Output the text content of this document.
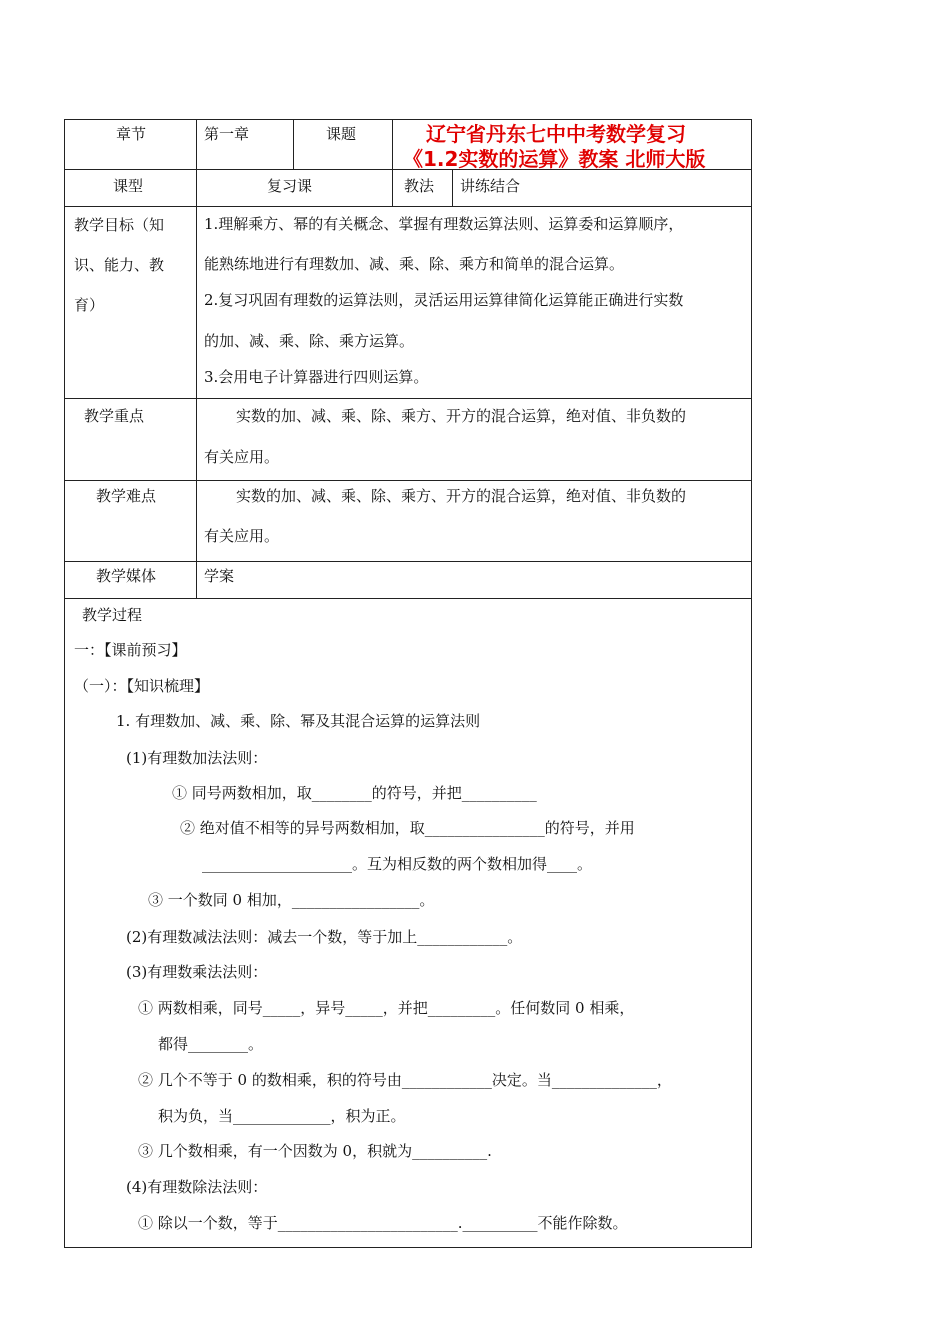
章节	第一章	课题	辽宁省丹东七中中考数学复习
《1.2实数的运算》教案 北师大版
课型	复习课	教法 讲练结合
教学目标（知
识、能力、教
育）
1.理解乘方、幂的有关概念、掌握有理数运算法则、运算委和运算顺序，
能熟练地进行有理数加、减、乘、除、乘方和简单的混合运算。
2.复习巩固有理数的运算法则，灵活运用运算律简化运算能正确进行实数
的加、减、乘、除、乘方运算。
3.会用电子计算器进行四则运算。
教学重点	实数的加、减、乘、除、乘方、开方的混合运算，绝对值、非负数的
有关应用。
教学难点	实数的加、减、乘、除、乘方、开方的混合运算，绝对值、非负数的
有关应用。
教学媒体	学案
教学过程
一：【课前预习】
（一）：【知识梳理】
1. 有理数加、减、乘、除、幂及其混合运算的运算法则
(1)有理数加法法则：
① 同号两数相加，取________的符号，并把__________
② 绝对值不相等的异号两数相加，取________________的符号，并用
____________________。互为相反数的两个数相加得____。
③ 一个数同 0 相加，_________________。
(2)有理数减法法则：减去一个数，等于加上____________。
(3)有理数乘法法则：
① 两数相乘，同号_____，异号_____，并把_________。任何数同 0 相乘，
都得________。
② 几个不等于 0 的数相乘，积的符号由____________决定。当______________，
积为负，当_____________，积为正。
③ 几个数相乘，有一个因数为 0，积就为__________.
(4)有理数除法法则：
① 除以一个数，等于________________________.__________不能作除数。
